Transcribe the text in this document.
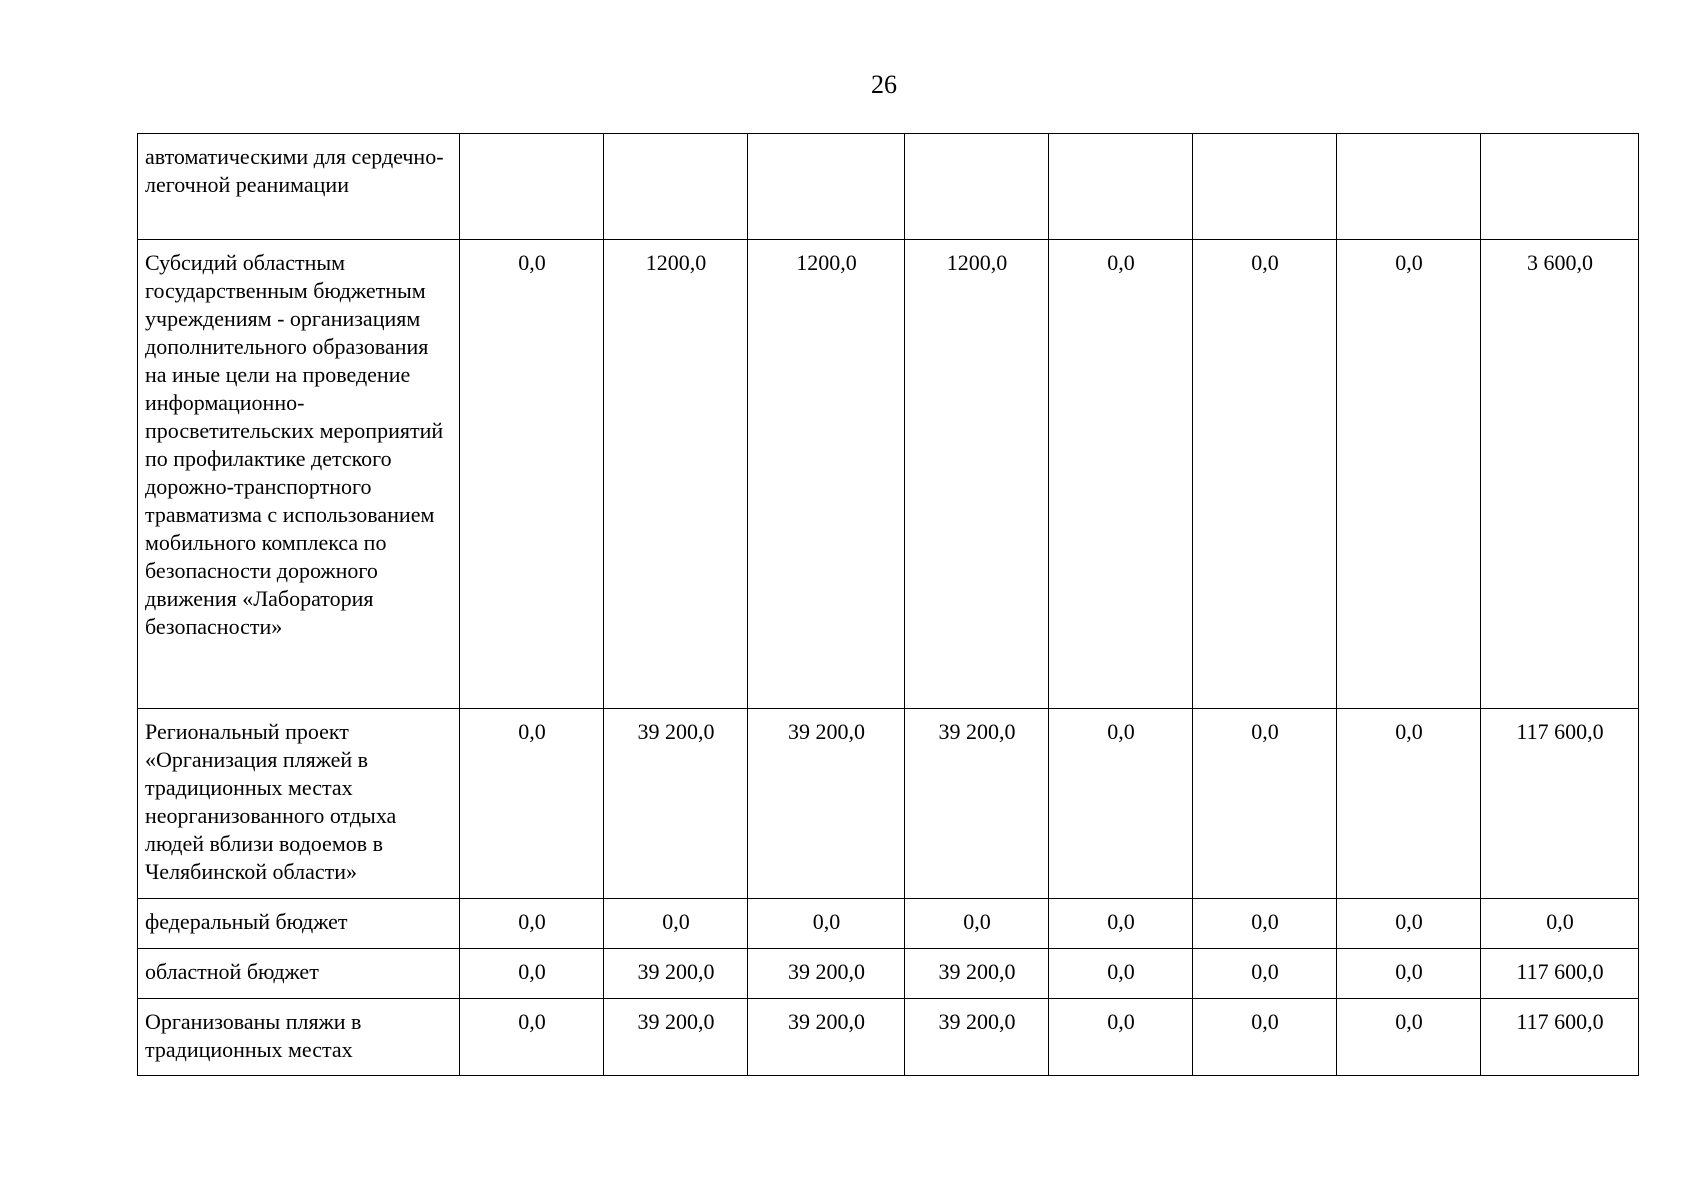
26
автоматическими для сердечно-легочной реанимации								
Субсидий областным государственным бюджетным учреждениям - организациям дополнительного образования на иные цели на проведение информационно-просветительских мероприятий по профилактике детского дорожно-транспортного травматизма с использованием мобильного комплекса по безопасности дорожного движения «Лаборатория безопасности»	0,0	1200,0	1200,0	1200,0	0,0	0,0	0,0	3 600,0
Региональный проект «Организация пляжей в традиционных местах неорганизованного отдыха людей вблизи водоемов в Челябинской области»	0,0	39 200,0	39 200,0	39 200,0	0,0	0,0	0,0	117 600,0
федеральный бюджет	0,0	0,0	0,0	0,0	0,0	0,0	0,0	0,0
областной бюджет	0,0	39 200,0	39 200,0	39 200,0	0,0	0,0	0,0	117 600,0
Организованы пляжи в традиционных местах	0,0	39 200,0	39 200,0	39 200,0	0,0	0,0	0,0	117 600,0
